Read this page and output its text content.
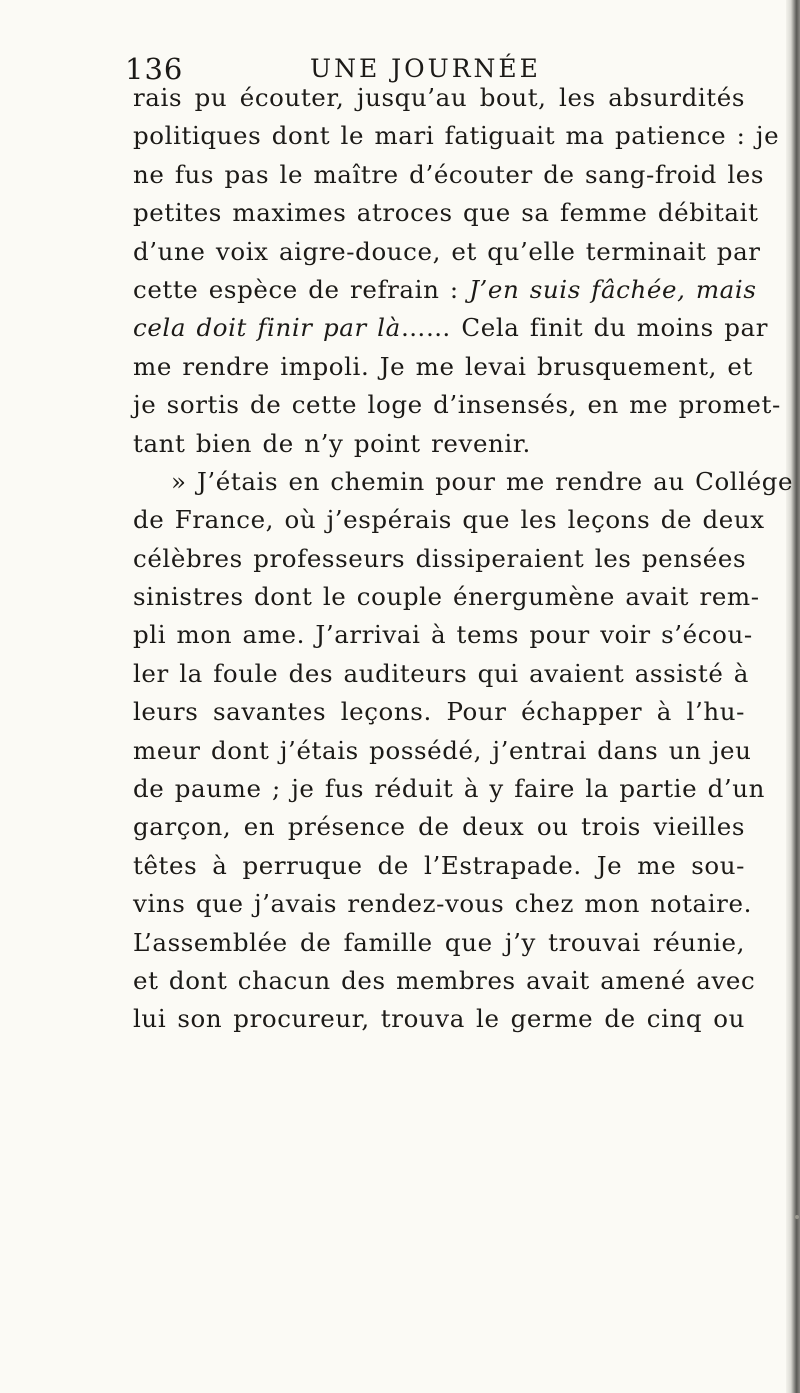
136	UNE JOURNÉE
rais pu écouter, jusqu’au bout, les absurdités
politiques dont le mari fatiguait ma patience : je
ne fus pas le maître d’écouter de sang-froid les
petites maximes atroces que sa femme débitait
d’une voix aigre-douce, et qu’elle terminait par
cette espèce de refrain : J’en suis fâchée, mais
cela doit finir par là…… Cela finit du moins par
me rendre impoli. Je me levai brusquement, et
je sortis de cette loge d’insensés, en me promet-
tant bien de n’y point revenir.
» J’étais en chemin pour me rendre au Collége
de France, où j’espérais que les leçons de deux
célèbres professeurs dissiperaient les pensées
sinistres dont le couple énergumène avait rem-
pli mon ame. J’arrivai à tems pour voir s’écou-
ler la foule des auditeurs qui avaient assisté à
leurs savantes leçons. Pour échapper à l’hu-
meur dont j’étais possédé, j’entrai dans un jeu
de paume ; je fus réduit à y faire la partie d’un
garçon, en présence de deux ou trois vieilles
têtes à perruque de l’Estrapade. Je me sou-
vins que j’avais rendez-vous chez mon notaire.
L’assemblée de famille que j’y trouvai réunie,
et dont chacun des membres avait amené avec
lui son procureur, trouva le germe de cinq ou
